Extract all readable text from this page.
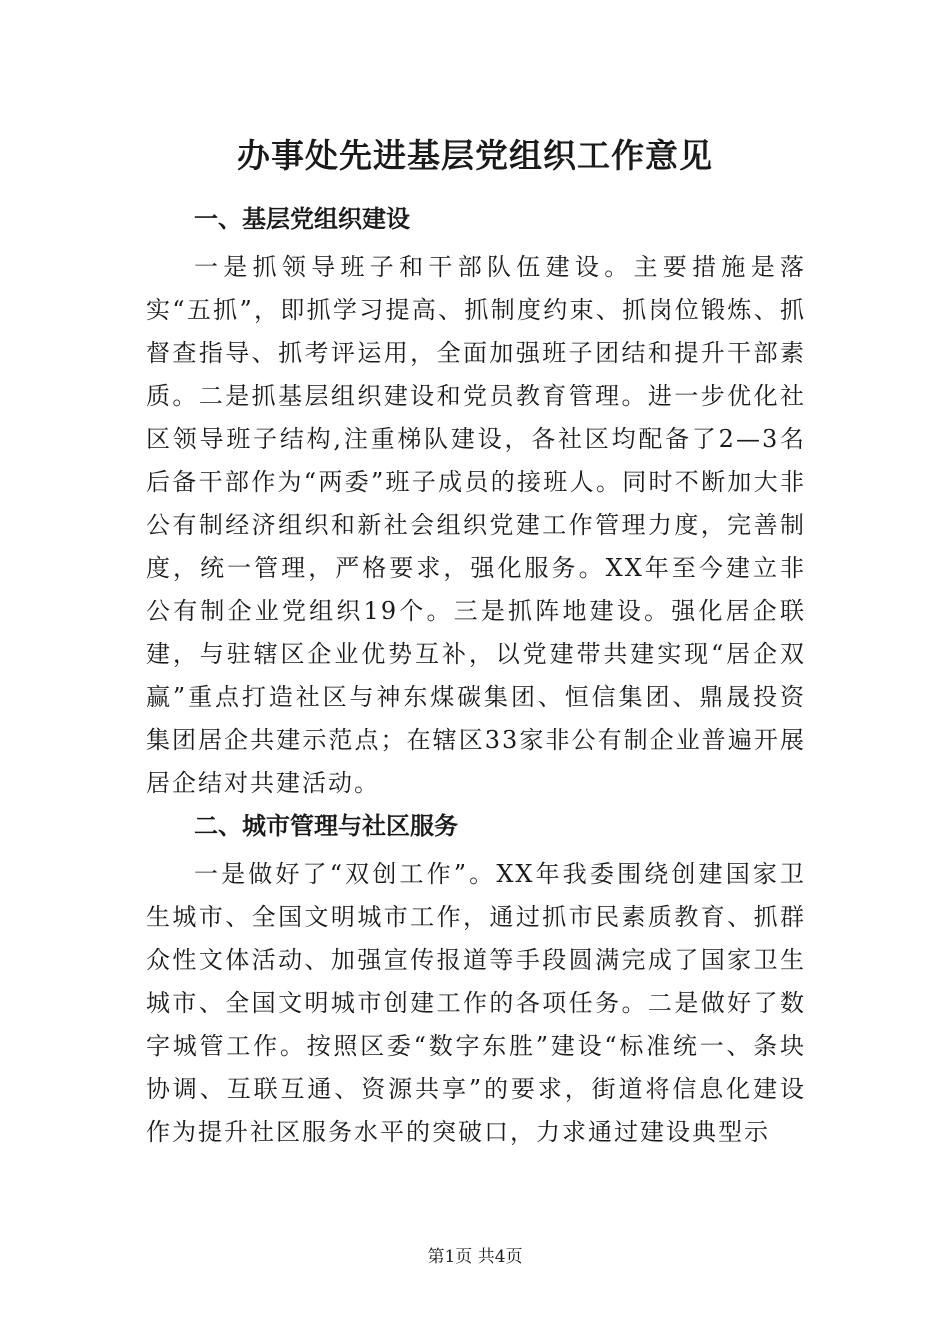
办事处先进基层党组织工作意见
一、基层党组织建设

一是抓领导班子和干部队伍建设。主要措施是落实“五抓”，即抓学习提高、抓制度约束、抓岗位锻炼、抓督查指导、抓考评运用，全面加强班子团结和提升干部素质。二是抓基层组织建设和党员教育管理。进一步优化社区领导班子结构,注重梯队建设，各社区均配备了2—3名后备干部作为“两委”班子成员的接班人。同时不断加大非公有制经济组织和新社会组织党建工作管理力度，完善制度，统一管理，严格要求，强化服务。XX年至今建立非公有制企业党组织19个。三是抓阵地建设。强化居企联建，与驻辖区企业优势互补，以党建带共建实现“居企双赢”重点打造社区与神东煤碳集团、恒信集团、鼎晟投资集团居企共建示范点；在辖区33家非公有制企业普遍开展居企结对共建活动。

二、城市管理与社区服务

一是做好了“双创工作”。XX年我委围绕创建国家卫生城市、全国文明城市工作，通过抓市民素质教育、抓群众性文体活动、加强宣传报道等手段圆满完成了国家卫生城市、全国文明城市创建工作的各项任务。二是做好了数字城管工作。按照区委“数字东胜”建设“标准统一、条块协调、互联互通、资源共享”的要求，街道将信息化建设作为提升社区服务水平的突破口，力求通过建设典型示

第1页 共4页
